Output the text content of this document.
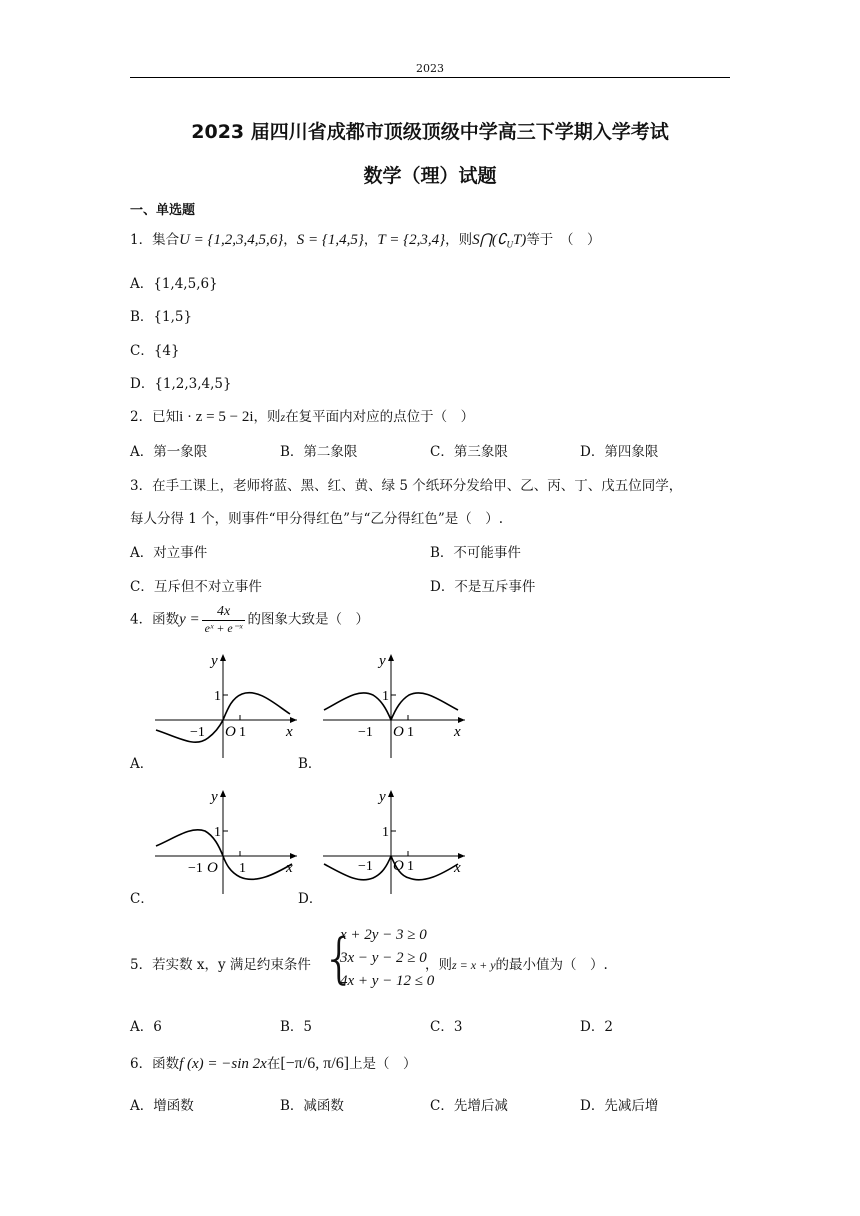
2023
2023 届四川省成都市顶级顶级中学高三下学期入学考试
数学（理）试题
一、单选题
1．集合U = {1,2,3,4,5,6}，S = {1,4,5}，T = {2,3,4}，则$S⋂(∁_UT)$等于　（　）
A．{1,4,5,6}
B．{1,5}
C．{4}
D．{1,2,3,4,5}
2．已知i · z = 5 − 2i，则z在复平面内对应的点位于（　）
A．第一象限	B．第二象限	C．第三象限	D．第四象限
3．在手工课上，老师将蓝、黑、红、黄、绿 5 个纸环分发给甲、乙、丙、丁、戊五位同学，
每人分得 1 个，则事件“甲分得红色”与“乙分得红色”是（　）.
A．对立事件	B．不可能事件
C．互斥但不对立事件	D．不是互斥事件
4．函数$y = \frac{4x}{\text{eˣ + e⁻ˣ}}$ 的图象大致是（　）
y
1
−1 O 1	x
A．
y
1
−1 O 1	x
B．
y
1
−1 O 1	x
C．
y
1
−1 O 1	x
D．
5．若实数 x，y 满足约束条件 {
x + 2y − 3 ≥ 0
3x − y − 2 ≥ 0
4x + y − 12 ≤ 0
，则z = x + y的最小值为（　）.
A．6	B．5	C．3	D．2
6．函数f (x) = −sin 2x在[−π/6, π/6]上是（　）
A．增函数	B．减函数	C．先增后减	D．先减后增
